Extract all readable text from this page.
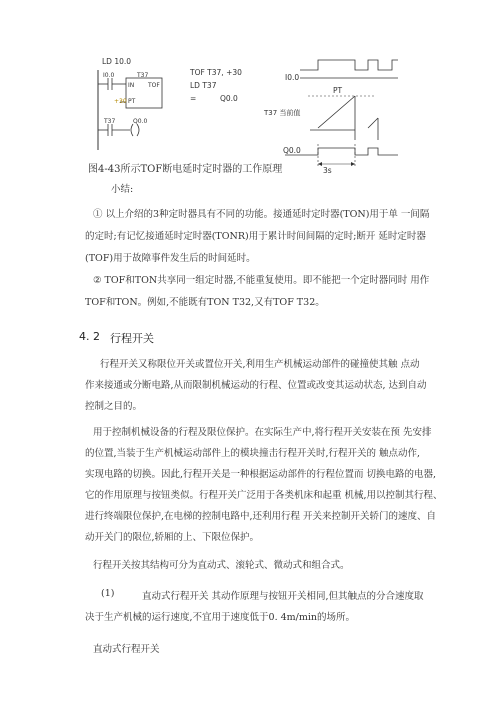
LD 10.0
I0.0	T37
IN TOF
+30 PT
T37	Q0.0
TOF T37, +30
LD T37
=	Q0.0
I0.0
PT
T37 当前值
Q0.0
3s
图4-43所示TOF断电延时定时器的工作原理
小结:
① 以上介绍的3种定时器具有不同的功能。接通延时定时器(TON)用于单 一间隔
的定时;有记忆接通延时定时器(TONR)用于累计时间间隔的定时;断开 延时定时器
(TOF)用于故障事件发生后的时间延时。
② TOF和TON共享同一组定时器,不能重复使用。即不能把一个定时器同时 用作
TOF和TON。例如,不能既有TON T32,又有TOF T32。
4. 2 行程开关
行程开关又称限位开关或置位开关,利用生产机械运动部件的碰撞使其触 点动
作来接通或分断电路,从而限制机械运动的行程、位置或改变其运动状态, 达到自动
控制之目的。
用于控制机械设备的行程及限位保护。在实际生产中,将行程开关安装在预 先安排
的位置,当装于生产机械运动部件上的模块撞击行程开关时,行程开关的 触点动作,
实现电路的切换。因此,行程开关是一种根据运动部件的行程位置而 切换电路的电器,
它的作用原理与按钮类似。行程开关广泛用于各类机床和起重 机械,用以控制其行程、
进行终端限位保护,在电梯的控制电路中,还利用行程 开关来控制开关轿门的速度、自
动开关门的限位,轿厢的上、下限位保护。
行程开关按其结构可分为直动式、滚轮式、微动式和组合式。
(1)	直动式行程开关 其动作原理与按钮开关相同,但其触点的分合速度取
决于生产机械的运行速度,不宜用于速度低于0. 4m/min的场所。
直动式行程开关
